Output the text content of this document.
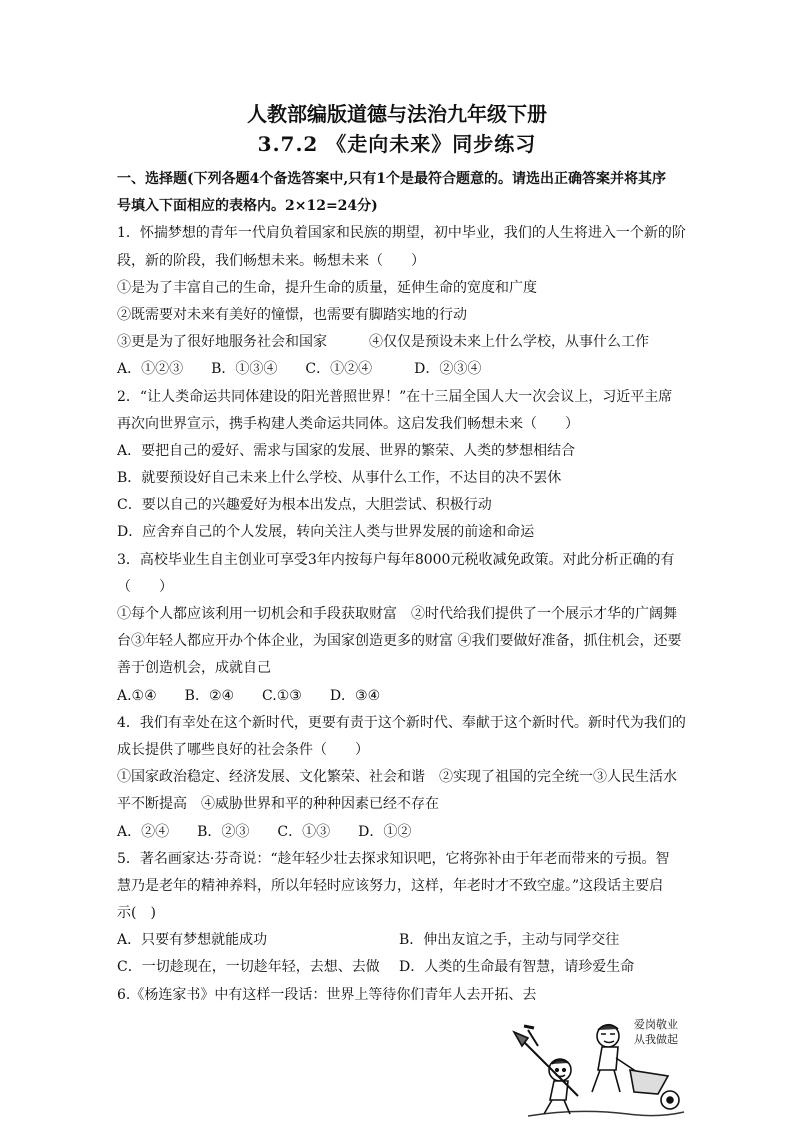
人教部编版道德与法治九年级下册
3.7.2 《走向未来》同步练习
一、选择题(下列各题4个备选答案中,只有1个是最符合题意的。请选出正确答案并将其序
号填入下面相应的表格内。2×12=24分)
1．怀揣梦想的青年一代肩负着国家和民族的期望，初中毕业，我们的人生将进入一个新的阶
段，新的阶段，我们畅想未来。畅想未来（　　）
①是为了丰富自己的生命，提升生命的质量，延伸生命的宽度和广度
②既需要对未来有美好的憧憬，也需要有脚踏实地的行动
③更是为了很好地服务社会和国家　　　④仅仅是预设未来上什么学校，从事什么工作
A．①②③　　B．①③④　　C．①②④　　　D．②③④
2．“让人类命运共同体建设的阳光普照世界！”在十三届全国人大一次会议上，习近平主席
再次向世界宣示，携手构建人类命运共同体。这启发我们畅想未来（　　）
A．要把自己的爱好、需求与国家的发展、世界的繁荣、人类的梦想相结合
B．就要预设好自己未来上什么学校、从事什么工作，不达目的决不罢休
C．要以自己的兴趣爱好为根本出发点，大胆尝试、积极行动
D．应舍弃自己的个人发展，转向关注人类与世界发展的前途和命运
3．高校毕业生自主创业可享受3年内按每户每年8000元税收减免政策。对此分析正确的有
（　　）
①每个人都应该利用一切机会和手段获取财富　②时代给我们提供了一个展示才华的广阔舞
台③年轻人都应开办个体企业，为国家创造更多的财富 ④我们要做好准备，抓住机会，还要
善于创造机会，成就自己
A.①④　　B．②④　　C.①③　　D．③④
4．我们有幸处在这个新时代，更要有责于这个新时代、奉献于这个新时代。新时代为我们的
成长提供了哪些良好的社会条件（　　）
①国家政治稳定、经济发展、文化繁荣、社会和谐　②实现了祖国的完全统一③人民生活水
平不断提高　④威胁世界和平的种种因素已经不存在
A．②④　　B．②③　　C．①③　　D．①②
5．著名画家达·芬奇说：“趁年轻少壮去探求知识吧，它将弥补由于年老而带来的亏损。智
慧乃是老年的精神养料，所以年轻时应该努力，这样，年老时才不致空虚。”这段话主要启
示(　)
A．只要有梦想就能成功	B．伸出友谊之手，主动与同学交往
C．一切趁现在，一切趁年轻，去想、去做	D．人类的生命最有智慧，请珍爱生命
6.《杨连家书》中有这样一段话：世界上等待你们青年人去开拓、去
爱岗敬业
从我做起
